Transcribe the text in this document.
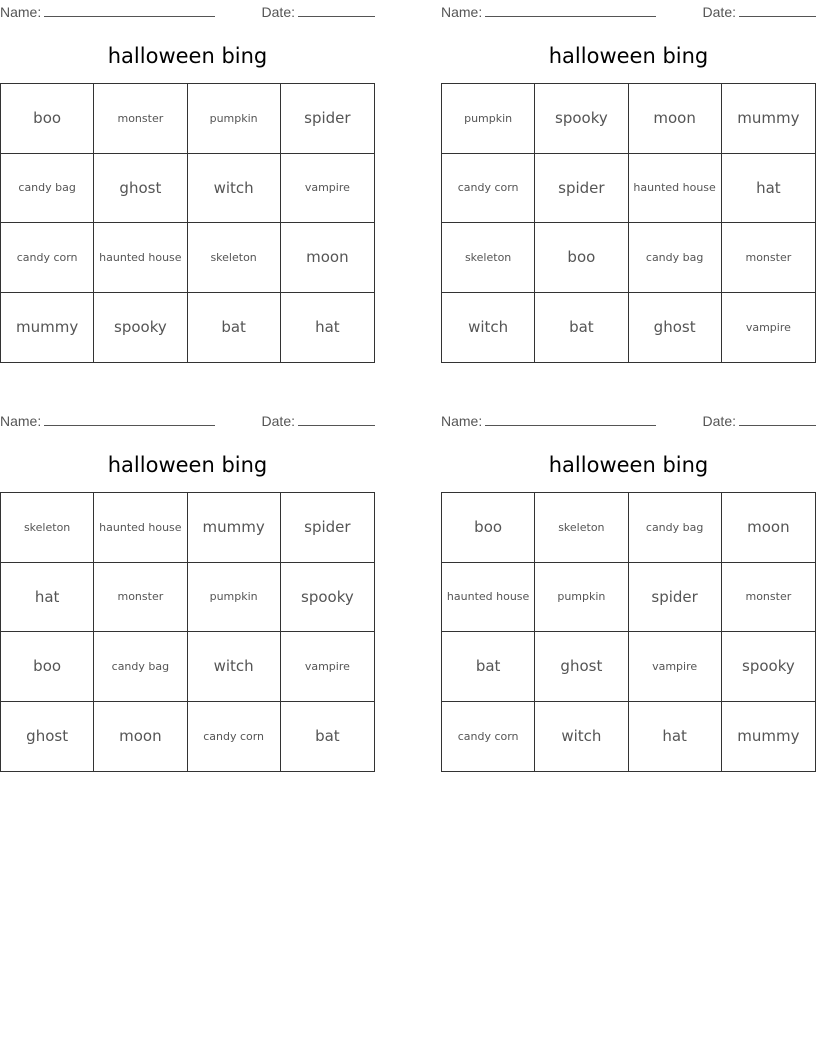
Name:	Date:
halloween bing
boo	monster	pumpkin	spider
candy bag	ghost	witch	vampire
candy corn	haunted house	skeleton	moon
mummy	spooky	bat	hat
Name:	Date:
halloween bing
pumpkin	spooky	moon	mummy
candy corn	spider	haunted house	hat
skeleton	boo	candy bag	monster
witch	bat	ghost	vampire
Name:	Date:
halloween bing
skeleton	haunted house	mummy	spider
hat	monster	pumpkin	spooky
boo	candy bag	witch	vampire
ghost	moon	candy corn	bat
Name:	Date:
halloween bing
boo	skeleton	candy bag	moon
haunted house	pumpkin	spider	monster
bat	ghost	vampire	spooky
candy corn	witch	hat	mummy
